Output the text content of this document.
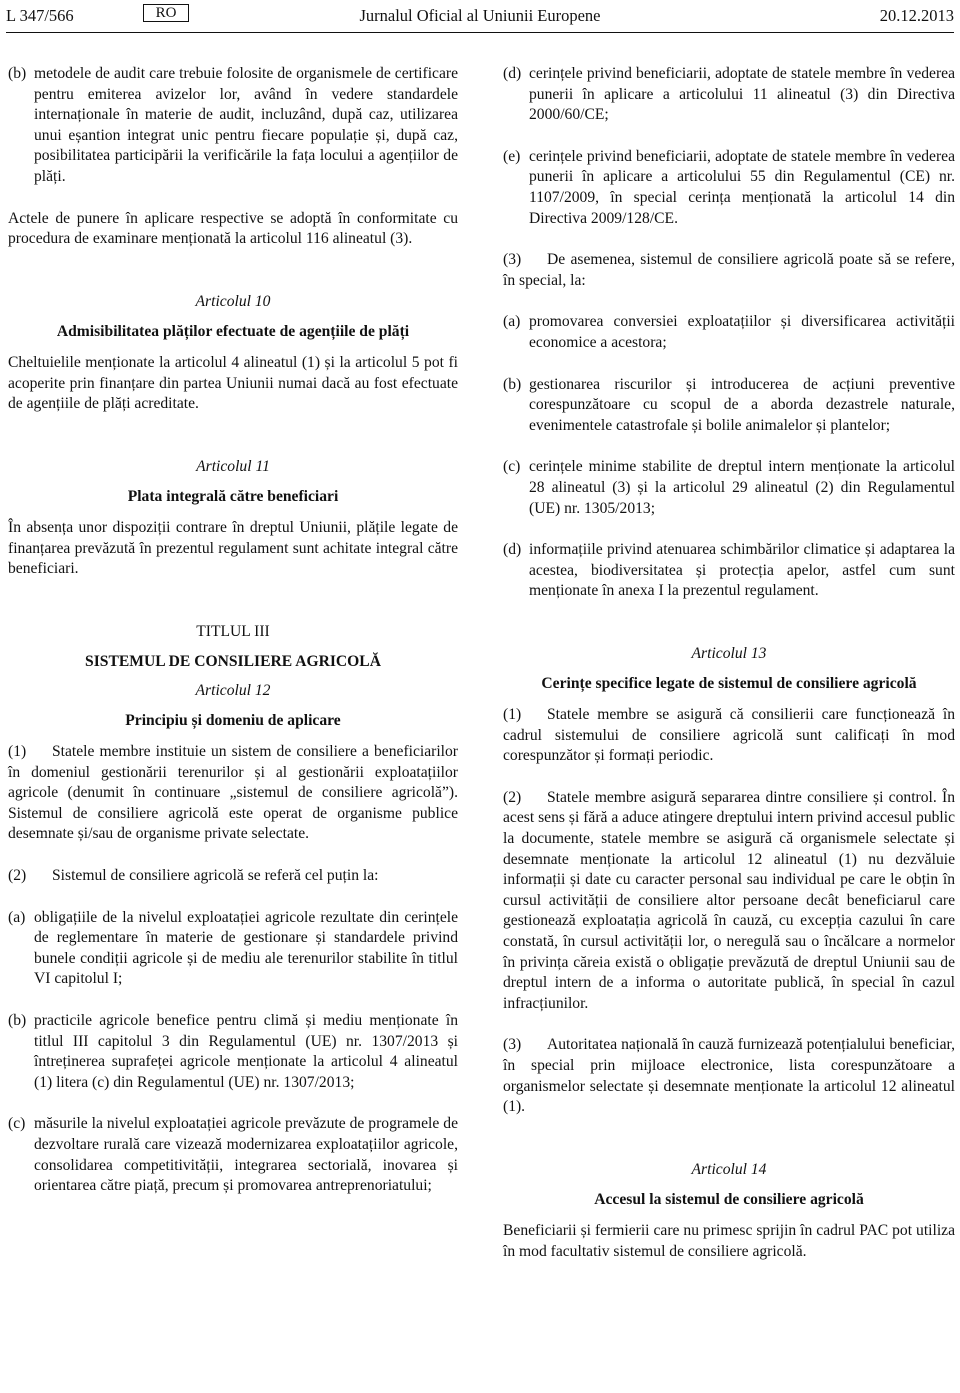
L 347/566	RO	Jurnalul Oficial al Uniunii Europene	20.12.2013
(b) metodele de audit care trebuie folosite de organismele de certificare pentru emiterea avizelor lor, având în vedere standardele internaționale în materie de audit, incluzând, după caz, utilizarea unui eșantion integrat unic pentru fiecare populație și, după caz, posibilitatea participării la verificările la fața locului a agențiilor de plăți.

Actele de punere în aplicare respective se adoptă în conformitate cu procedura de examinare menționată la articolul 116 alineatul (3).

Articolul 10

Admisibilitatea plăților efectuate de agențiile de plăți

Cheltuielile menționate la articolul 4 alineatul (1) și la articolul 5 pot fi acoperite prin finanțare din partea Uniunii numai dacă au fost efectuate de agențiile de plăți acreditate.

Articolul 11

Plata integrală către beneficiari

În absența unor dispoziții contrare în dreptul Uniunii, plățile legate de finanțarea prevăzută în prezentul regulament sunt achitate integral către beneficiari.

TITLUL III

SISTEMUL DE CONSILIERE AGRICOLĂ

Articolul 12

Principiu și domeniu de aplicare

(1) Statele membre instituie un sistem de consiliere a beneficiarilor în domeniul gestionării terenurilor și al gestionării exploatațiilor agricole (denumit în continuare „sistemul de consiliere agricolă”). Sistemul de consiliere agricolă este operat de organisme publice desemnate și/sau de organisme private selectate.

(2) Sistemul de consiliere agricolă se referă cel puțin la:

(a) obligațiile de la nivelul exploatației agricole rezultate din cerințele de reglementare în materie de gestionare și standardele privind bunele condiții agricole și de mediu ale terenurilor stabilite în titlul VI capitolul I;
(b) practicile agricole benefice pentru climă și mediu menționate în titlul III capitolul 3 din Regulamentul (UE) nr. 1307/2013 și întreținerea suprafeței agricole menționate la articolul 4 alineatul (1) litera (c) din Regulamentul (UE) nr. 1307/2013;
(c) măsurile la nivelul exploatației agricole prevăzute de programele de dezvoltare rurală care vizează modernizarea exploatațiilor agricole, consolidarea competitivității, integrarea sectorială, inovarea și orientarea către piață, precum și promovarea antreprenoriatului;
(d) cerințele privind beneficiarii, adoptate de statele membre în vederea punerii în aplicare a articolului 11 alineatul (3) din Directiva 2000/60/CE;
(e) cerințele privind beneficiarii, adoptate de statele membre în vederea punerii în aplicare a articolului 55 din Regulamentul (CE) nr. 1107/2009, în special cerința menționată la articolul 14 din Directiva 2009/128/CE.

(3) De asemenea, sistemul de consiliere agricolă poate să se refere, în special, la:

(a) promovarea conversiei exploatațiilor și diversificarea activității economice a acestora;
(b) gestionarea riscurilor și introducerea de acțiuni preventive corespunzătoare cu scopul de a aborda dezastrele naturale, evenimentele catastrofale și bolile animalelor și plantelor;
(c) cerințele minime stabilite de dreptul intern menționate la articolul 28 alineatul (3) și la articolul 29 alineatul (2) din Regulamentul (UE) nr. 1305/2013;
(d) informațiile privind atenuarea schimbărilor climatice și adaptarea la acestea, biodiversitatea și protecția apelor, astfel cum sunt menționate în anexa I la prezentul regulament.

Articolul 13

Cerințe specifice legate de sistemul de consiliere agricolă

(1) Statele membre se asigură că consilierii care funcționează în cadrul sistemului de consiliere agricolă sunt calificați în mod corespunzător și formați periodic.

(2) Statele membre asigură separarea dintre consiliere și control. În acest sens și fără a aduce atingere dreptului intern privind accesul public la documente, statele membre se asigură că organismele selectate și desemnate menționate la articolul 12 alineatul (1) nu dezvăluie informații și date cu caracter personal sau individual pe care le obțin în cursul activității de consiliere altor persoane decât beneficiarul care gestionează exploatația agricolă în cauză, cu excepția cazului în care constată, în cursul activității lor, o neregulă sau o încălcare a normelor în privința căreia există o obligație prevăzută de dreptul Uniunii sau de dreptul intern de a informa o autoritate publică, în special în cazul infracțiunilor.

(3) Autoritatea națională în cauză furnizează potențialului beneficiar, în special prin mijloace electronice, lista corespunzătoare a organismelor selectate și desemnate menționate la articolul 12 alineatul (1).

Articolul 14

Accesul la sistemul de consiliere agricolă

Beneficiarii și fermierii care nu primesc sprijin în cadrul PAC pot utiliza în mod facultativ sistemul de consiliere agricolă.
